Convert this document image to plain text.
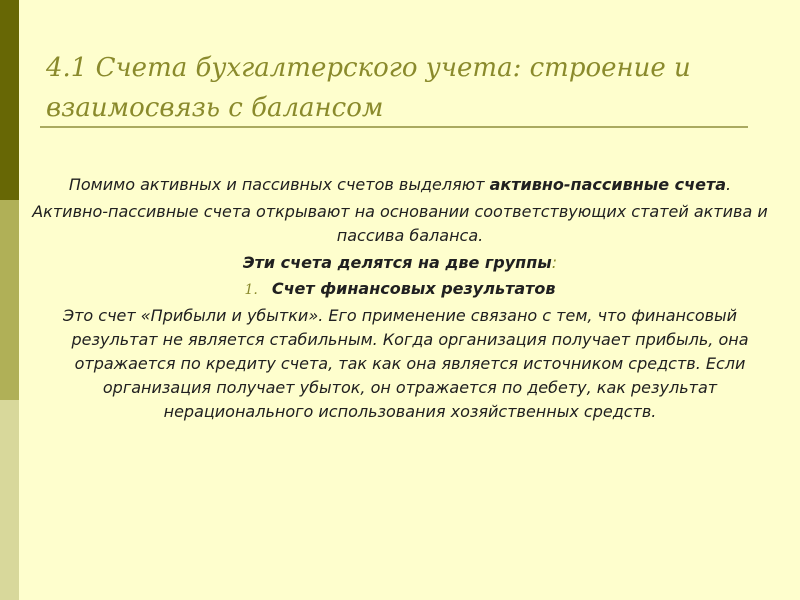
4.1 Счета бухгалтерского учета: строение и взаимосвязь с балансом

Помимо активных и пассивных счетов выделяют активно-пассивные счета.

Активно-пассивные счета открывают на основании соответствующих статей актива и пассива баланса.

Эти счета делятся на две группы:

1. Счет финансовых результатов

Это счет «Прибыли и убытки». Его применение связано с тем, что финансовый результат не является стабильным. Когда организация получает прибыль, она отражается по кредиту счета, так как она является источником средств. Если организация получает убыток, он отражается по дебету, как результат нерационального использования хозяйственных средств.
